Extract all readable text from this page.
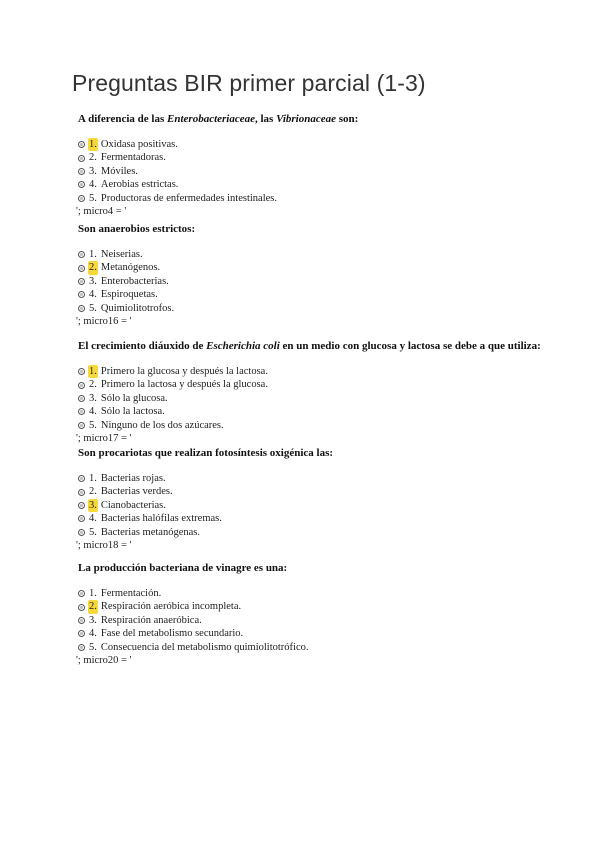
Preguntas BIR primer parcial (1-3)

A diferencia de las Enterobacteriaceae, las Vibrionaceae son:

1. Oxidasa positivas.
2. Fermentadoras.
3. Móviles.
4. Aerobias estrictas.
5. Productoras de enfermedades intestinales.
'; micro4 = '

Son anaerobios estrictos:

1. Neiserias.
2. Metanógenos.
3. Enterobacterias.
4. Espiroquetas.
5. Quimiolitotrofos.
'; micro16 = '

El crecimiento diáuxido de Escherichia coli en un medio con glucosa y lactosa se debe a que utiliza:

1. Primero la glucosa y después la lactosa.
2. Primero la lactosa y después la glucosa.
3. Sólo la glucosa.
4. Sólo la lactosa.
5. Ninguno de los dos azúcares.
'; micro17 = '

Son procariotas que realizan fotosíntesis oxigénica las:

1. Bacterias rojas.
2. Bacterias verdes.
3. Cianobacterias.
4. Bacterias halófilas extremas.
5. Bacterias metanógenas.
'; micro18 = '

La producción bacteriana de vinagre es una:

1. Fermentación.
2. Respiración aeróbica incompleta.
3. Respiración anaeróbica.
4. Fase del metabolismo secundario.
5. Consecuencia del metabolismo quimiolitotrófico.
'; micro20 = '
